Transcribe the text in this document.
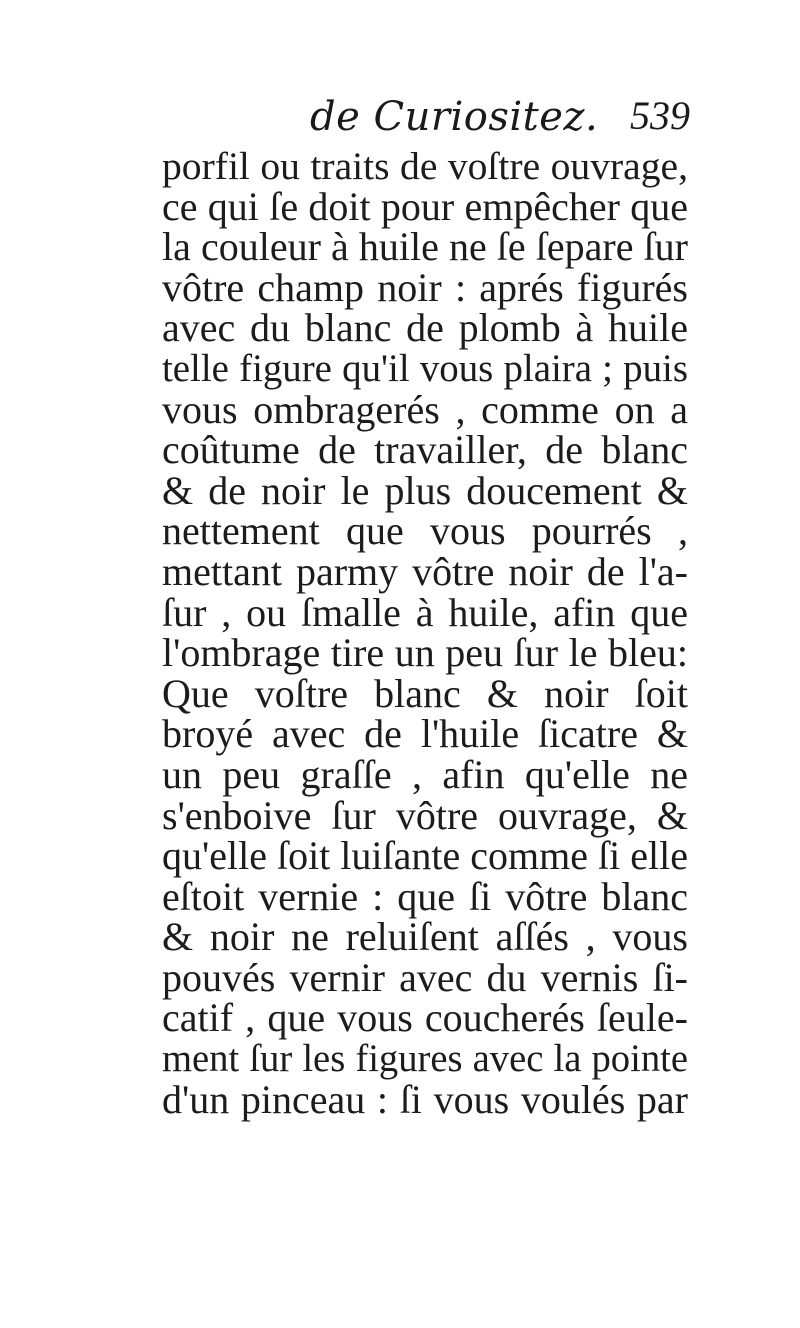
de Curiositez. 539
porfil ou traits de voſtre ouvrage,
ce qui ſe doit pour empêcher que
la couleur à huile ne ſe ſepare ſur
vôtre champ noir : aprés figurés
avec du blanc de plomb à huile
telle figure qu'il vous plaira ; puis
vous ombragerés , comme on a
coûtume de travailler, de blanc
& de noir le plus doucement &
nettement que vous pourrés ,
mettant parmy vôtre noir de l'a-
ſur , ou ſmalle à huile, afin que
l'ombrage tire un peu ſur le bleu:
Que voſtre blanc & noir ſoit
broyé avec de l'huile ſicatre &
un peu graſſe , afin qu'elle ne
s'enboive ſur vôtre ouvrage, &
qu'elle ſoit luiſante comme ſi elle
eſtoit vernie : que ſi vôtre blanc
& noir ne reluiſent aſſés , vous
pouvés vernir avec du vernis ſi-
catif , que vous coucherés ſeule-
ment ſur les figures avec la pointe
d'un pinceau : ſi vous voulés par
